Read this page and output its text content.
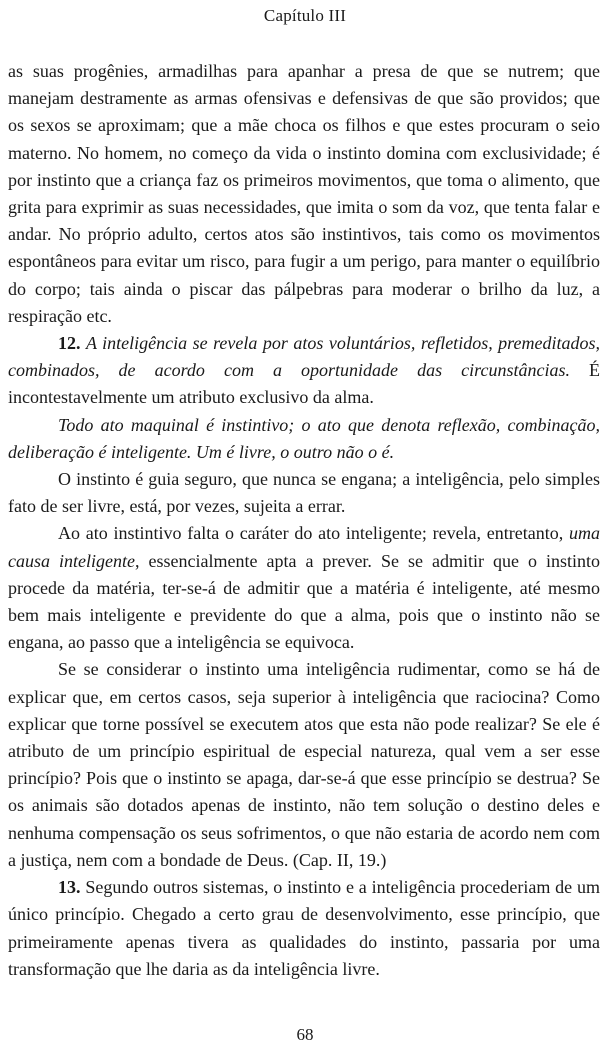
Capítulo III

as suas progênies, armadilhas para apanhar a presa de que se nutrem; que manejam destramente as armas ofensivas e defensivas de que são providos; que os sexos se aproximam; que a mãe choca os filhos e que estes procuram o seio materno. No homem, no começo da vida o instinto domina com exclusividade; é por instinto que a criança faz os primeiros movimentos, que toma o alimento, que grita para exprimir as suas necessidades, que imita o som da voz, que tenta falar e andar. No próprio adulto, certos atos são instintivos, tais como os movimentos espontâneos para evitar um risco, para fugir a um perigo, para manter o equilíbrio do corpo; tais ainda o piscar das pálpebras para moderar o brilho da luz, a respiração etc.

12. A inteligência se revela por atos voluntários, refletidos, premeditados, combinados, de acordo com a oportunidade das circunstâncias. É incontestavelmente um atributo exclusivo da alma.

Todo ato maquinal é instintivo; o ato que denota reflexão, combinação, deliberação é inteligente. Um é livre, o outro não o é.

O instinto é guia seguro, que nunca se engana; a inteligência, pelo simples fato de ser livre, está, por vezes, sujeita a errar.

Ao ato instintivo falta o caráter do ato inteligente; revela, entretanto, uma causa inteligente, essencialmente apta a prever. Se se admitir que o instinto procede da matéria, ter-se-á de admitir que a matéria é inteligente, até mesmo bem mais inteligente e previdente do que a alma, pois que o instinto não se engana, ao passo que a inteligência se equivoca.

Se se considerar o instinto uma inteligência rudimentar, como se há de explicar que, em certos casos, seja superior à inteligência que raciocina? Como explicar que torne possível se executem atos que esta não pode realizar? Se ele é atributo de um princípio espiritual de especial natureza, qual vem a ser esse princípio? Pois que o instinto se apaga, dar-se-á que esse princípio se destrua? Se os animais são dotados apenas de instinto, não tem solução o destino deles e nenhuma compensação os seus sofrimentos, o que não estaria de acordo nem com a justiça, nem com a bondade de Deus. (Cap. II, 19.)

13. Segundo outros sistemas, o instinto e a inteligência procederiam de um único princípio. Chegado a certo grau de desenvolvimento, esse princípio, que primeiramente apenas tivera as qualidades do instinto, passaria por uma transformação que lhe daria as da inteligência livre.

68
